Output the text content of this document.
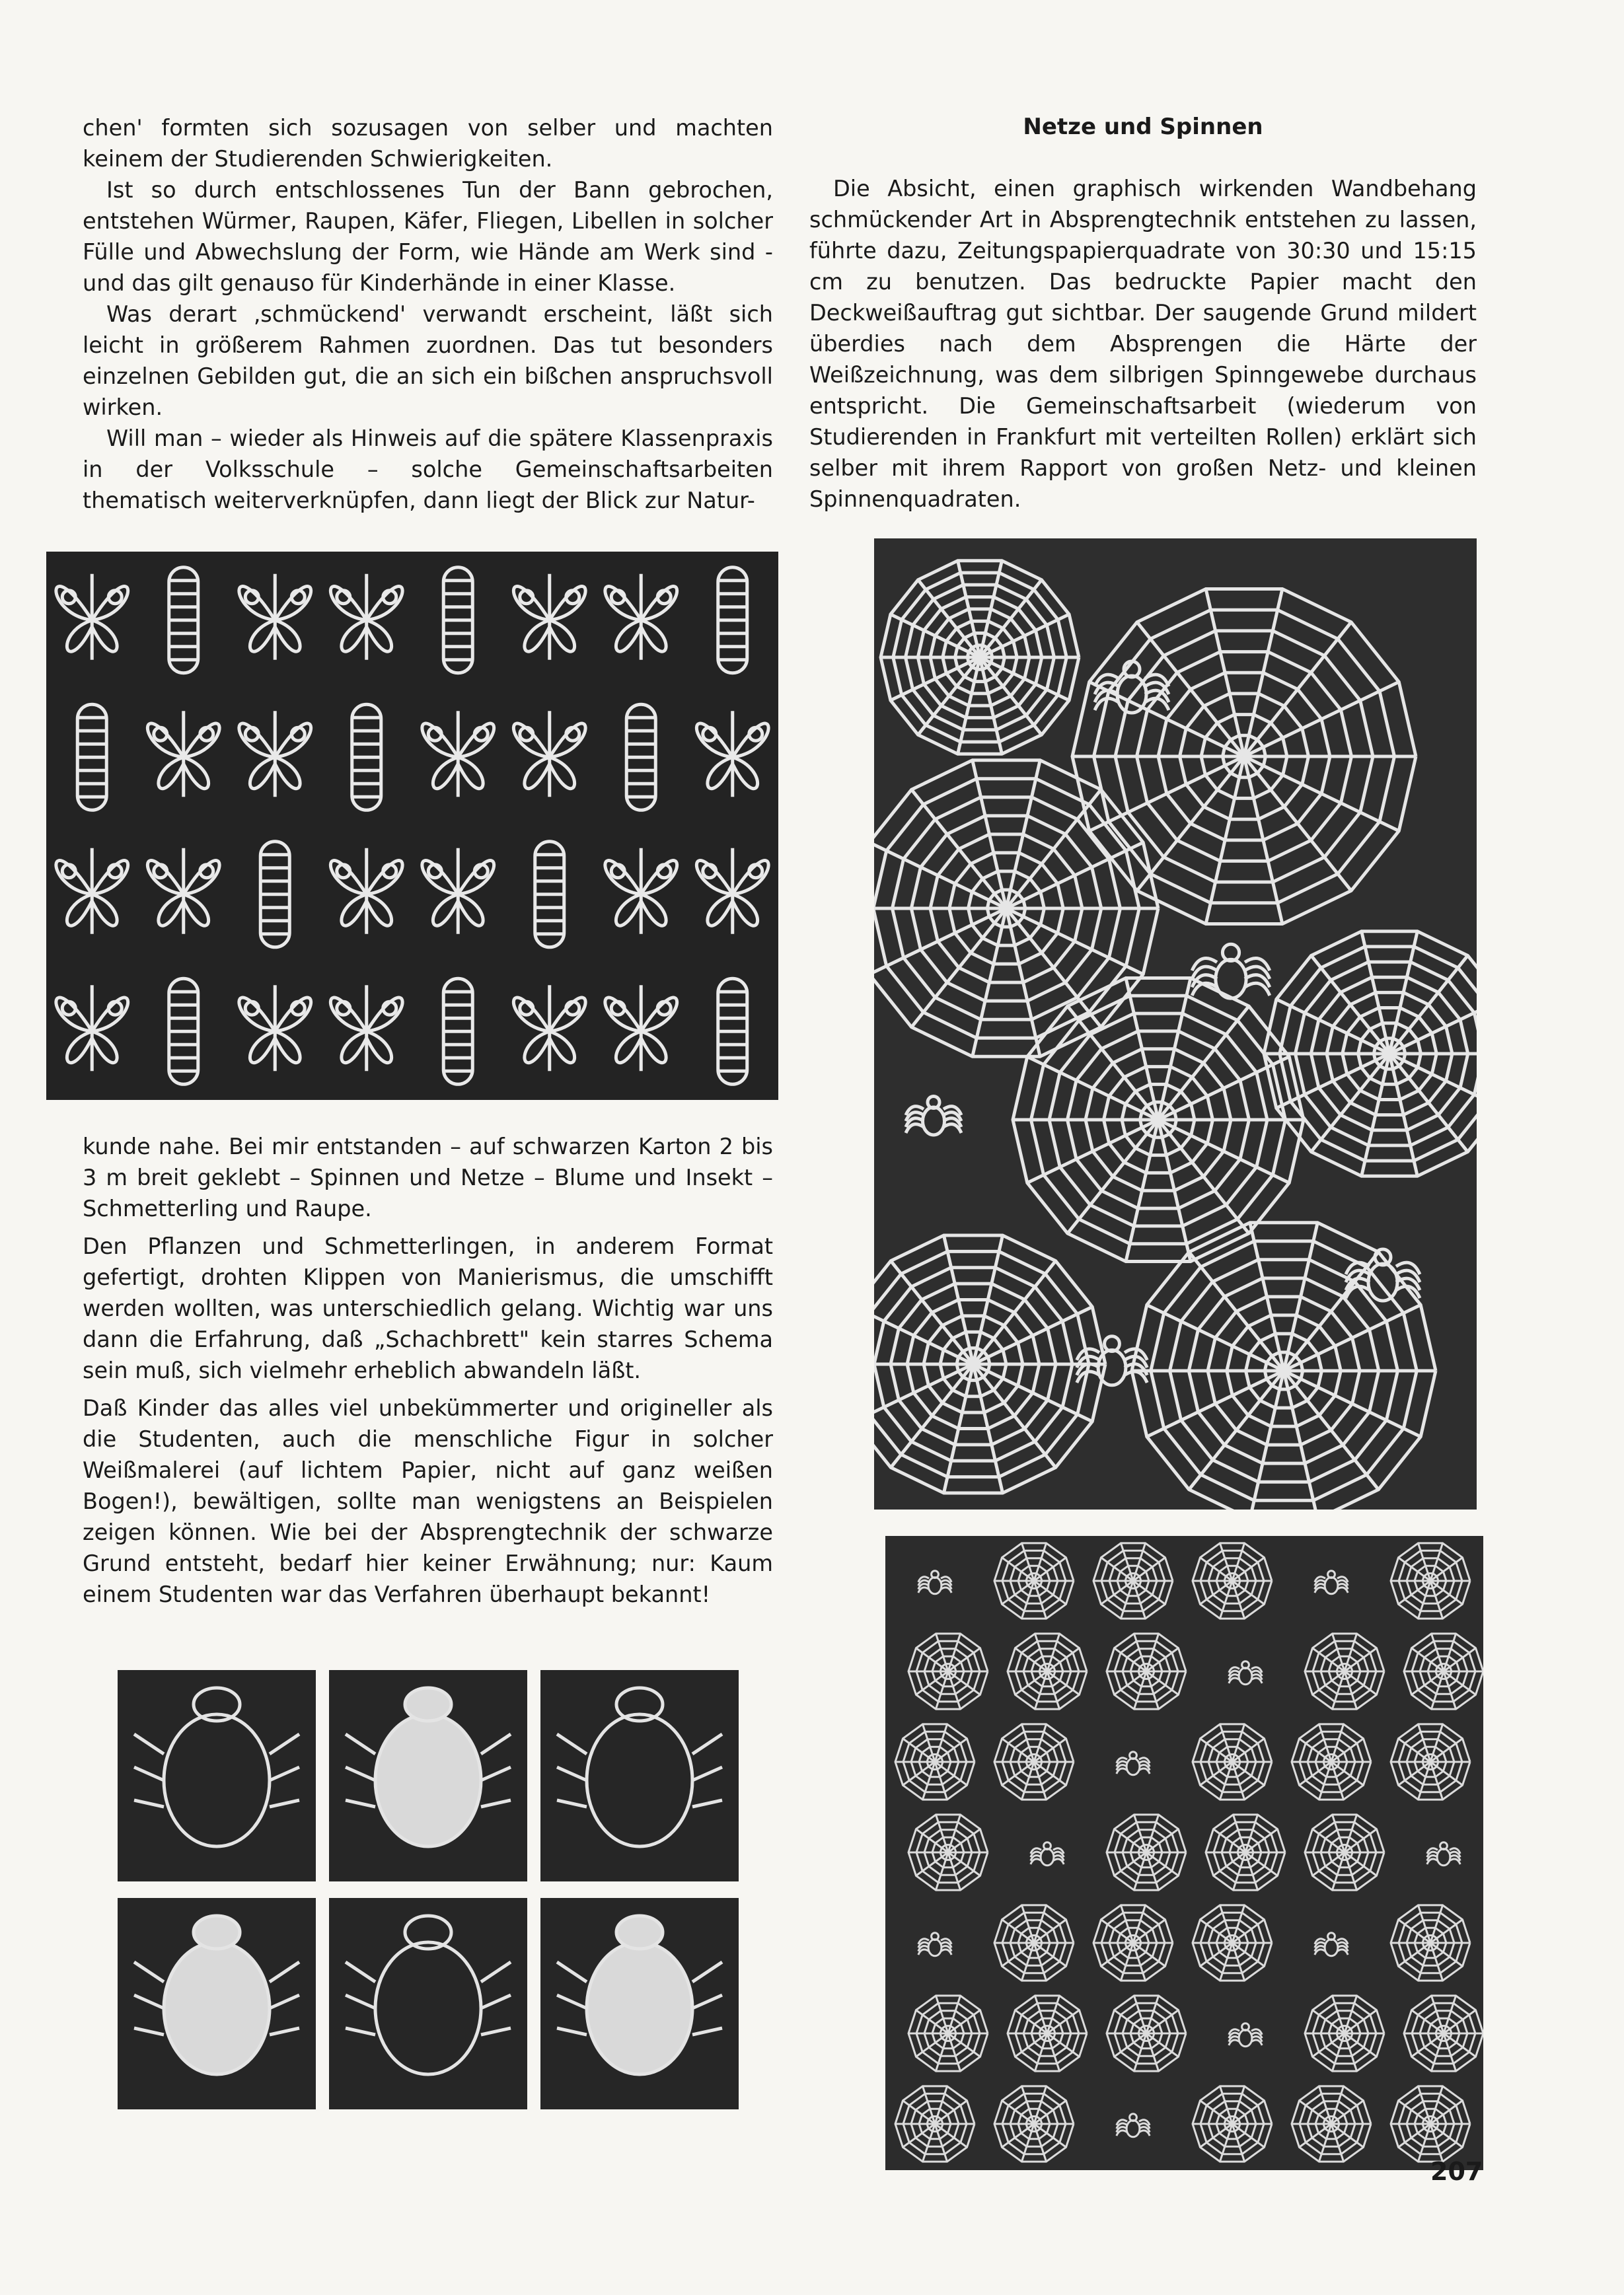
chen' formten sich sozusagen von selber und machten keinem der Studierenden Schwierigkeiten.

Ist so durch entschlossenes Tun der Bann gebrochen, entstehen Würmer, Raupen, Käfer, Fliegen, Libellen in solcher Fülle und Abwechslung der Form, wie Hände am Werk sind - und das gilt genauso für Kinderhände in einer Klasse.

Was derart ‚schmückend' verwandt erscheint, läßt sich leicht in größerem Rahmen zuordnen. Das tut besonders einzelnen Gebilden gut, die an sich ein bißchen anspruchsvoll wirken.

Will man – wieder als Hinweis auf die spätere Klassenpraxis in der Volksschule – solche Gemeinschaftsarbeiten thematisch weiterverknüpfen, dann liegt der Blick zur Natur-

Netze und Spinnen

Die Absicht, einen graphisch wirkenden Wandbehang schmückender Art in Absprengtechnik entstehen zu lassen, führte dazu, Zeitungspapierquadrate von 30:30 und 15:15 cm zu benutzen. Das bedruckte Papier macht den Deckweißauftrag gut sichtbar. Der saugende Grund mildert überdies nach dem Absprengen die Härte der Weißzeichnung, was dem silbrigen Spinngewebe durchaus entspricht. Die Gemeinschaftsarbeit (wiederum von Studierenden in Frankfurt mit verteilten Rollen) erklärt sich selber mit ihrem Rapport von großen Netz- und kleinen Spinnenquadraten.

kunde nahe. Bei mir entstanden – auf schwarzen Karton 2 bis 3 m breit geklebt – Spinnen und Netze – Blume und Insekt – Schmetterling und Raupe.

Den Pflanzen und Schmetterlingen, in anderem Format gefertigt, drohten Klippen von Manierismus, die umschifft werden wollten, was unterschiedlich gelang. Wichtig war uns dann die Erfahrung, daß „Schachbrett" kein starres Schema sein muß, sich vielmehr erheblich abwandeln läßt.

Daß Kinder das alles viel unbekümmerter und origineller als die Studenten, auch die menschliche Figur in solcher Weißmalerei (auf lichtem Papier, nicht auf ganz weißen Bogen!), bewältigen, sollte man wenigstens an Beispielen zeigen können. Wie bei der Absprengtechnik der schwarze Grund entsteht, bedarf hier keiner Erwähnung; nur: Kaum einem Studenten war das Verfahren überhaupt bekannt!

207
